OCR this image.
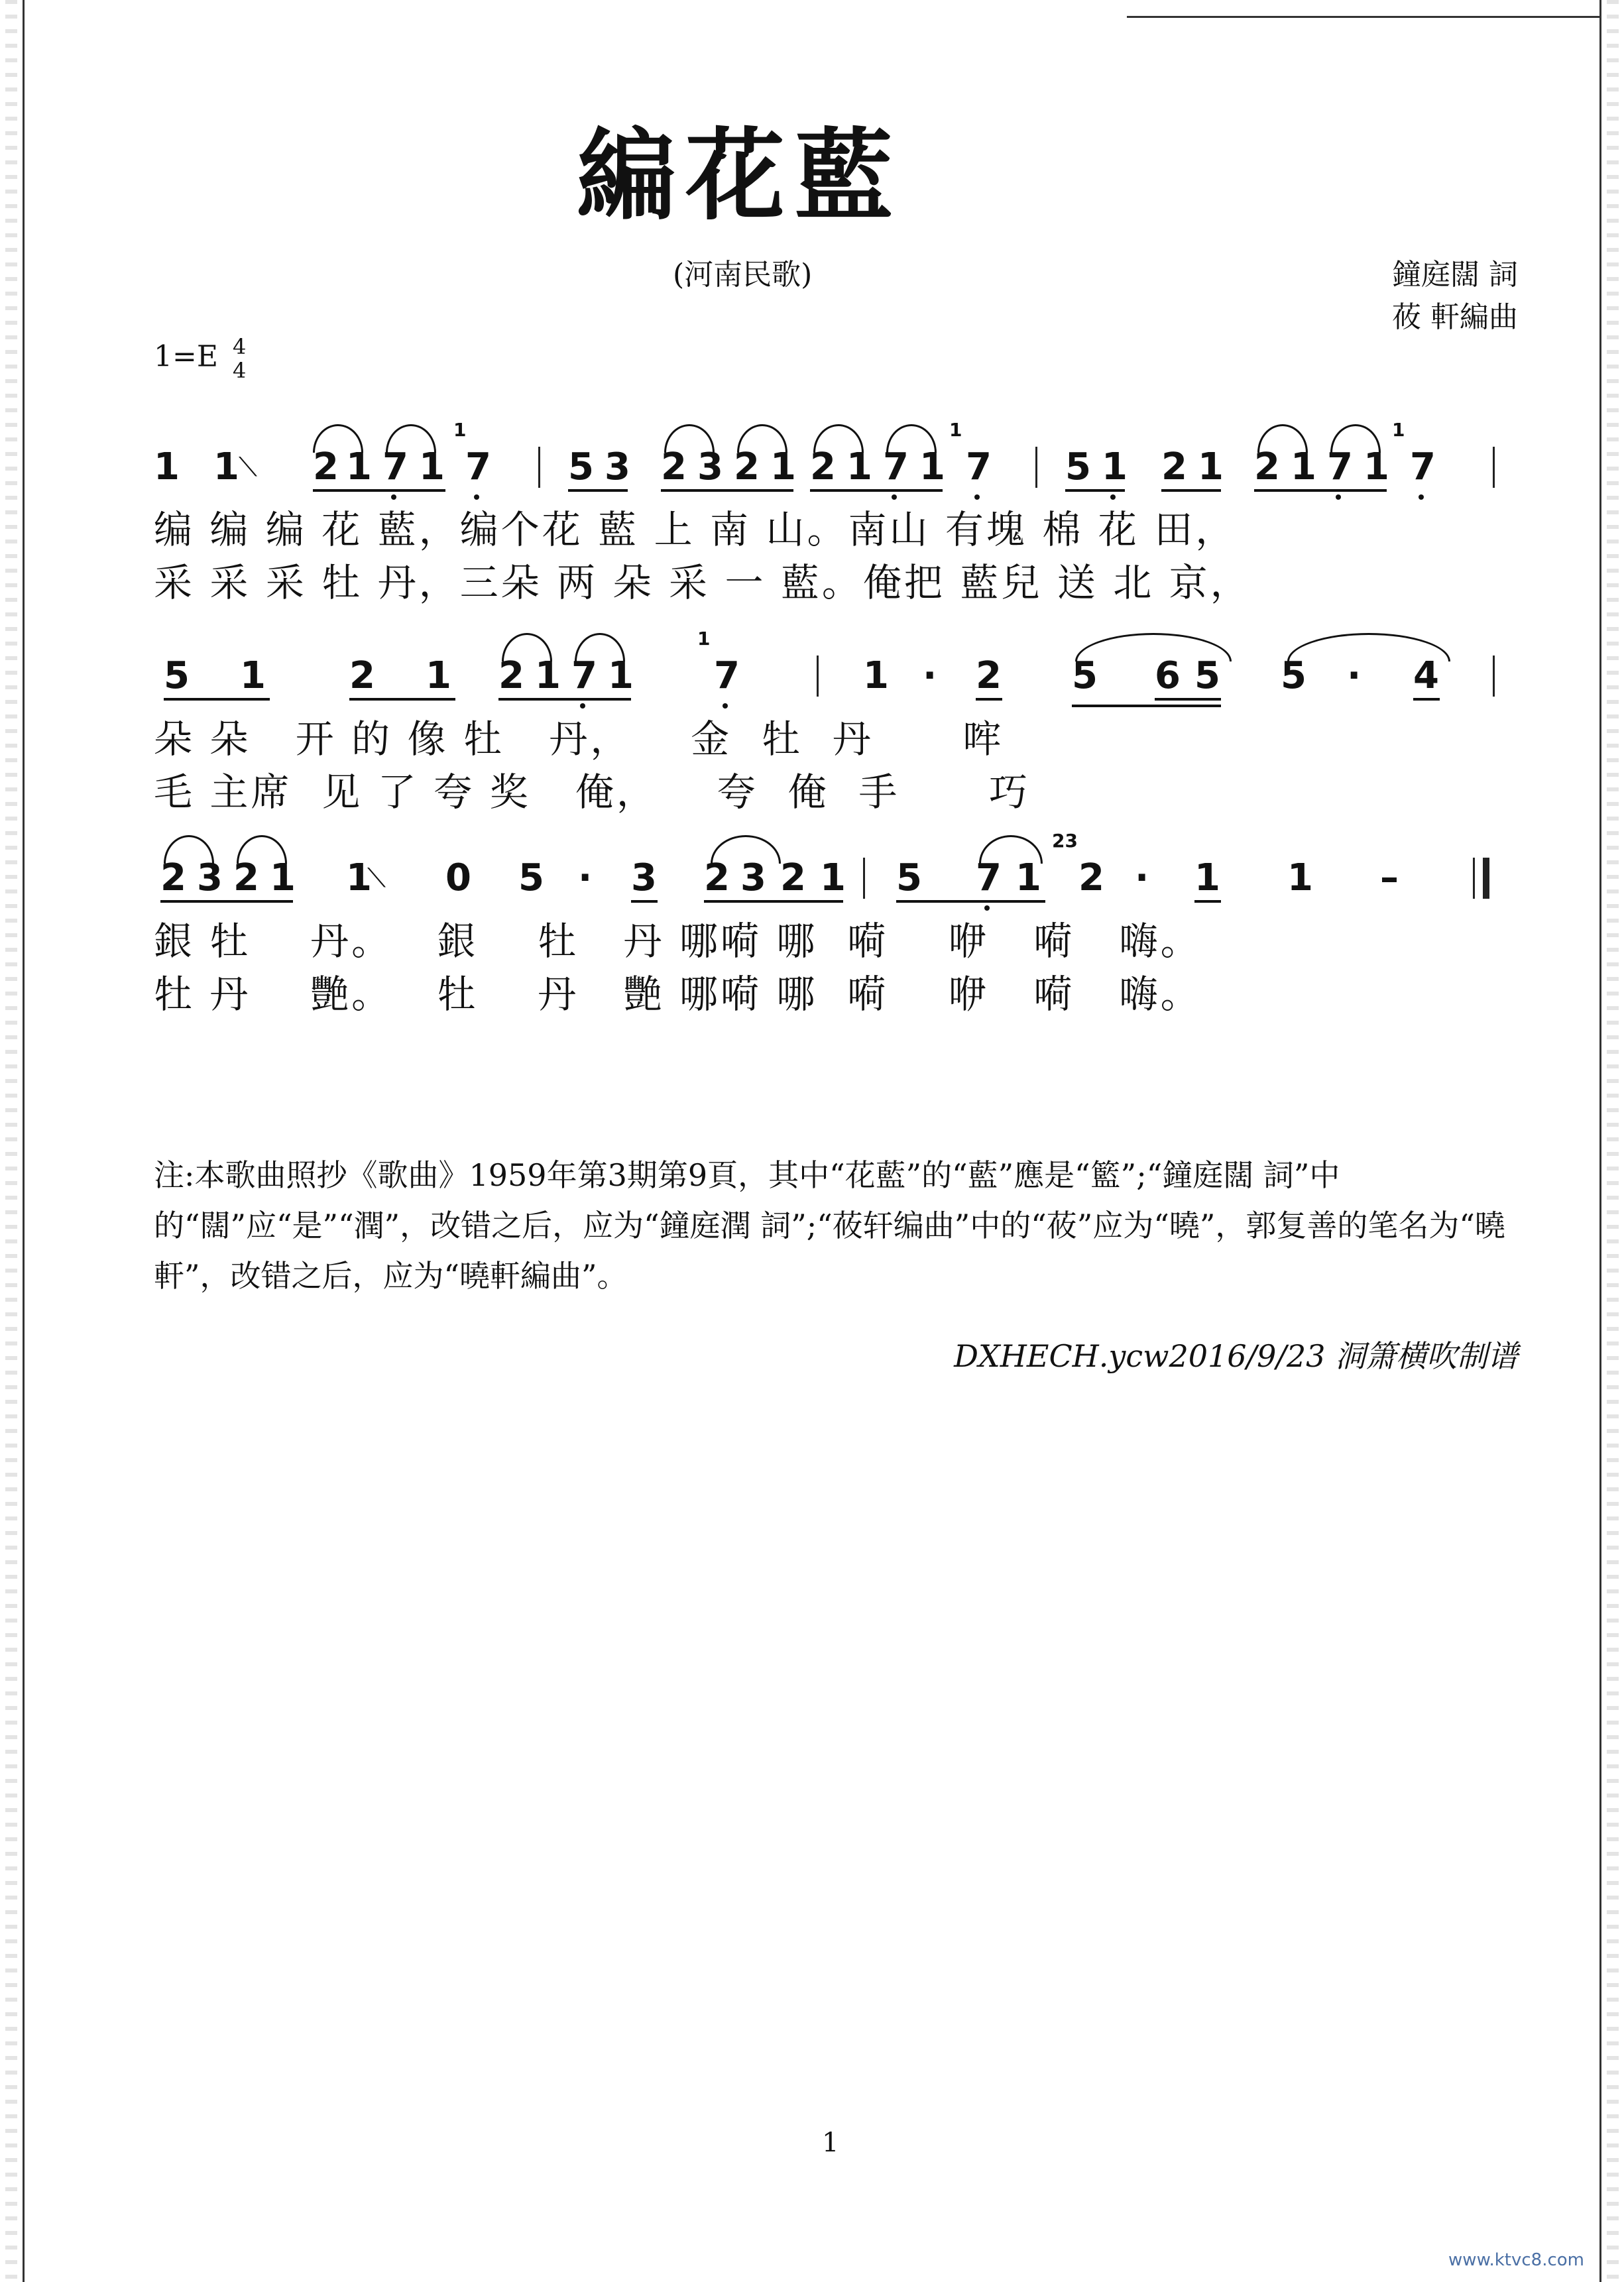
編花藍
(河南民歌)	鐘庭闊 詞
莜 軒編曲
1=E 4
4
1 1 ⟍ 2 1 7 1
1
7 5 3 2 3 2 1 2 1 7 1
1
7 5 1 2 1 2 1 7 1
1
7
编 编 编 花 藍，编个花 藍 上 南 山。南山 有塊 棉 花 田，
采 采 采 牡 丹，三朵 两 朵 采 一 藍。俺把 藍兒 送 北 京，
5 1 2 1 2 1 7 1
1
7	1 · 2 5 6 5 5 · 4
朵 朵   开 的 像 牡   丹，    金  牡  丹      哰
毛 主席  见 了 夸 奖   俺，    夸  俺  手      巧
2 3 2 1 1
⟍ 0 5 · 3 2 3 2 1 5 7 1
23
2 · 1 1 –
銀 牡    丹。   銀    牡   丹 哪嗬 哪  嗬    咿   嗬   嗨。
牡 丹    艷。   牡    丹   艷 哪嗬 哪  嗬    咿   嗬   嗨。
注:本歌曲照抄《歌曲》1959年第3期第9頁，其中“花藍”的“藍”應是“籃”;“鐘庭闊 詞”中的“闊”应“是”“潤”，改错之后，应为“鐘庭潤 詞”;“莜轩编曲”中的“莜”应为“曉”，郭复善的笔名为“曉軒”，改错之后，应为“曉軒編曲”。
DXHECH.ycw2016/9/23 洞箫横吹制谱
1
www.ktvc8.com
